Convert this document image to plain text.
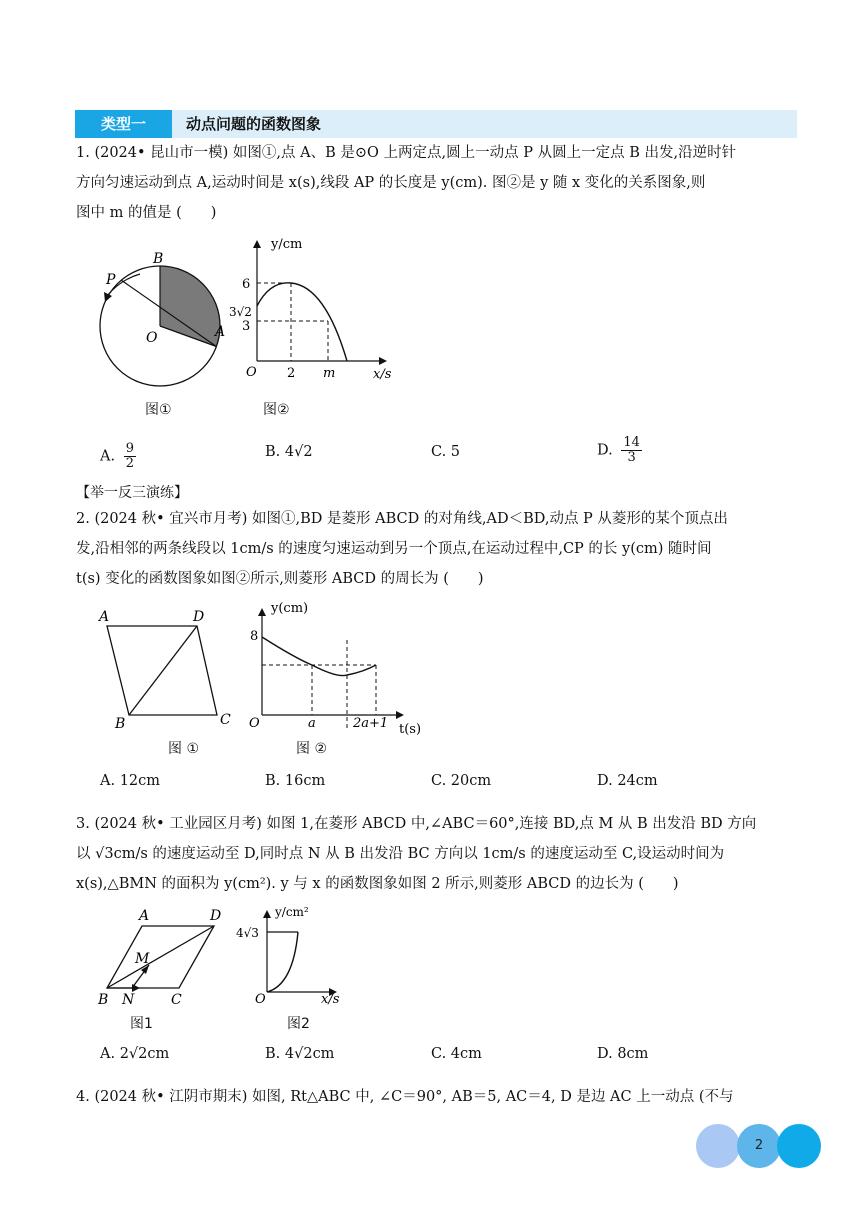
类型一	动点问题的函数图象
1. (2024• 昆山市一模) 如图①,点 A、B 是⊙O 上两定点,圆上一动点 P 从圆上一定点 B 出发,沿逆时针
方向匀速运动到点 A,运动时间是 x(s),线段 AP 的长度是 y(cm). 图②是 y 随 x 变化的关系图象,则
图中 m 的值是 (　　)
P
B
O	A
y/cm
x/s
6
3√2
3
O 2 m
图①	图②
A. $\frac{9}{2}$	B. 4√2	C. 5	D. $\frac{14}{3}$
【举一反三演练】
2. (2024 秋• 宜兴市月考) 如图①,BD 是菱形 ABCD 的对角线,AD＜BD,动点 P 从菱形的某个顶点出
发,沿相邻的两条线段以 1cm/s 的速度匀速运动到另一个顶点,在运动过程中,CP 的长 y(cm) 随时间
t(s) 变化的函数图象如图②所示,则菱形 ABCD 的周长为 (　　)
A	D
B	C
y(cm)
8
O	a	2a+1 t(s)
图 ①	图 ②
A. 12cm	B. 16cm	C. 20cm	D. 24cm
3. (2024 秋• 工业园区月考) 如图 1,在菱形 ABCD 中,∠ABC＝60°,连接 BD,点 M 从 B 出发沿 BD 方向
以 √3cm/s 的速度运动至 D,同时点 N 从 B 出发沿 BC 方向以 1cm/s 的速度运动至 C,设运动时间为
x(s),△BMN 的面积为 y(cm²). y 与 x 的函数图象如图 2 所示,则菱形 ABCD 的边长为 (　　)
A	D
M
B N	C
y/cm²
4√3
O	x/s
图1	图2
A. 2√2cm	B. 4√2cm	C. 4cm	D. 8cm
4. (2024 秋• 江阴市期末) 如图, Rt△ABC 中, ∠C＝90°, AB＝5, AC＝4, D 是边 AC 上一动点 (不与
2
